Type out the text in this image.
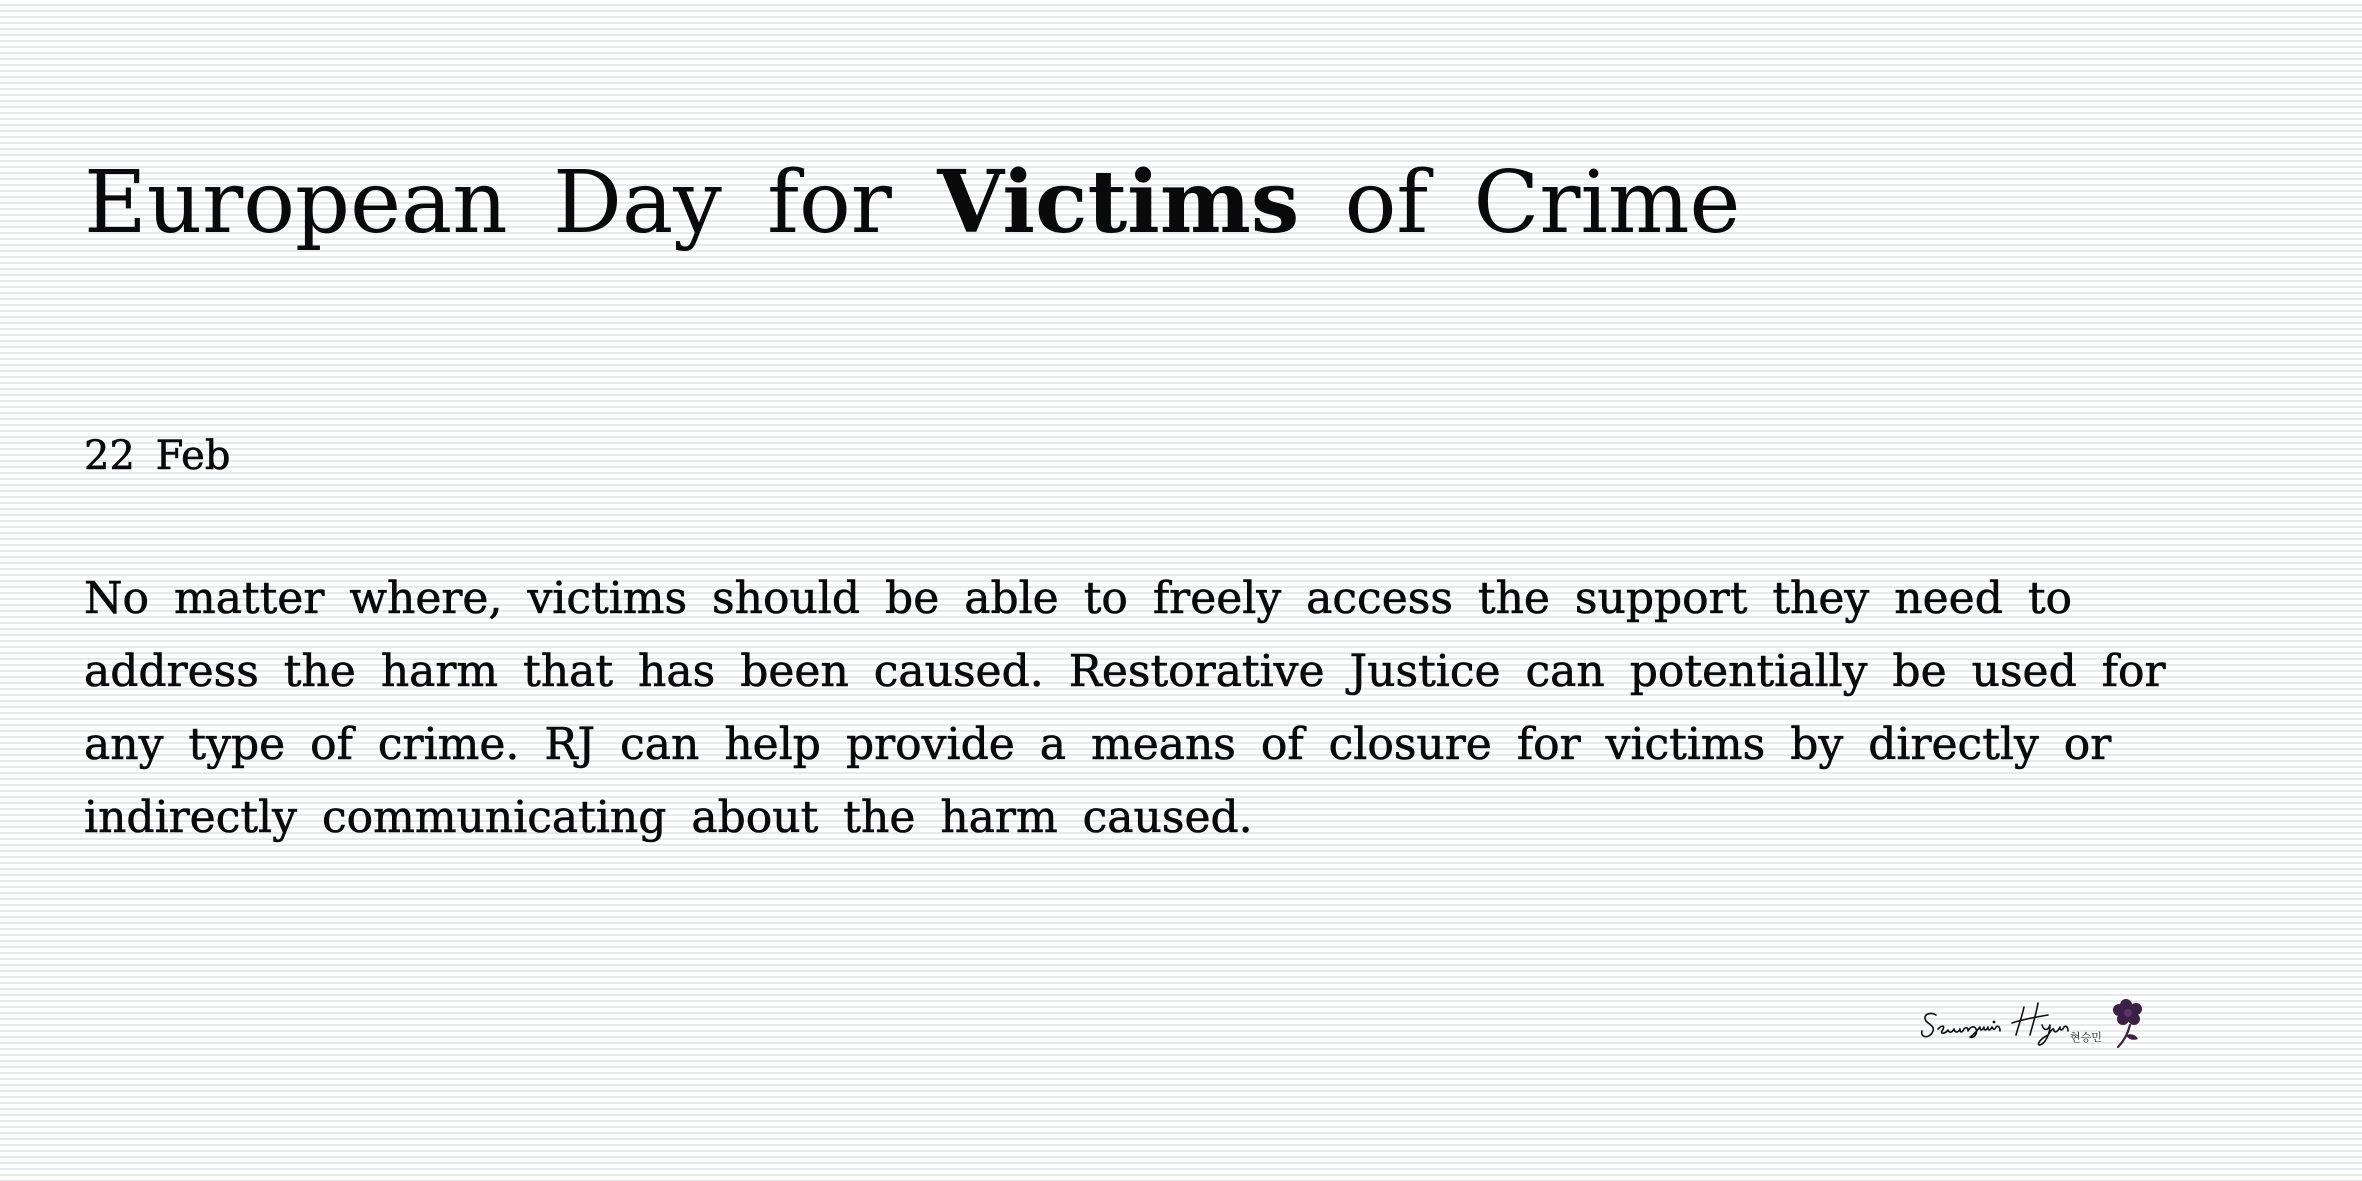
European Day for Victims of Crime
22 Feb

No matter where, victims should be able to freely access the support they need to
address the harm that has been caused. Restorative Justice can potentially be used for
any type of crime. RJ can help provide a means of closure for victims by directly or
indirectly communicating about the harm caused.

현승민
